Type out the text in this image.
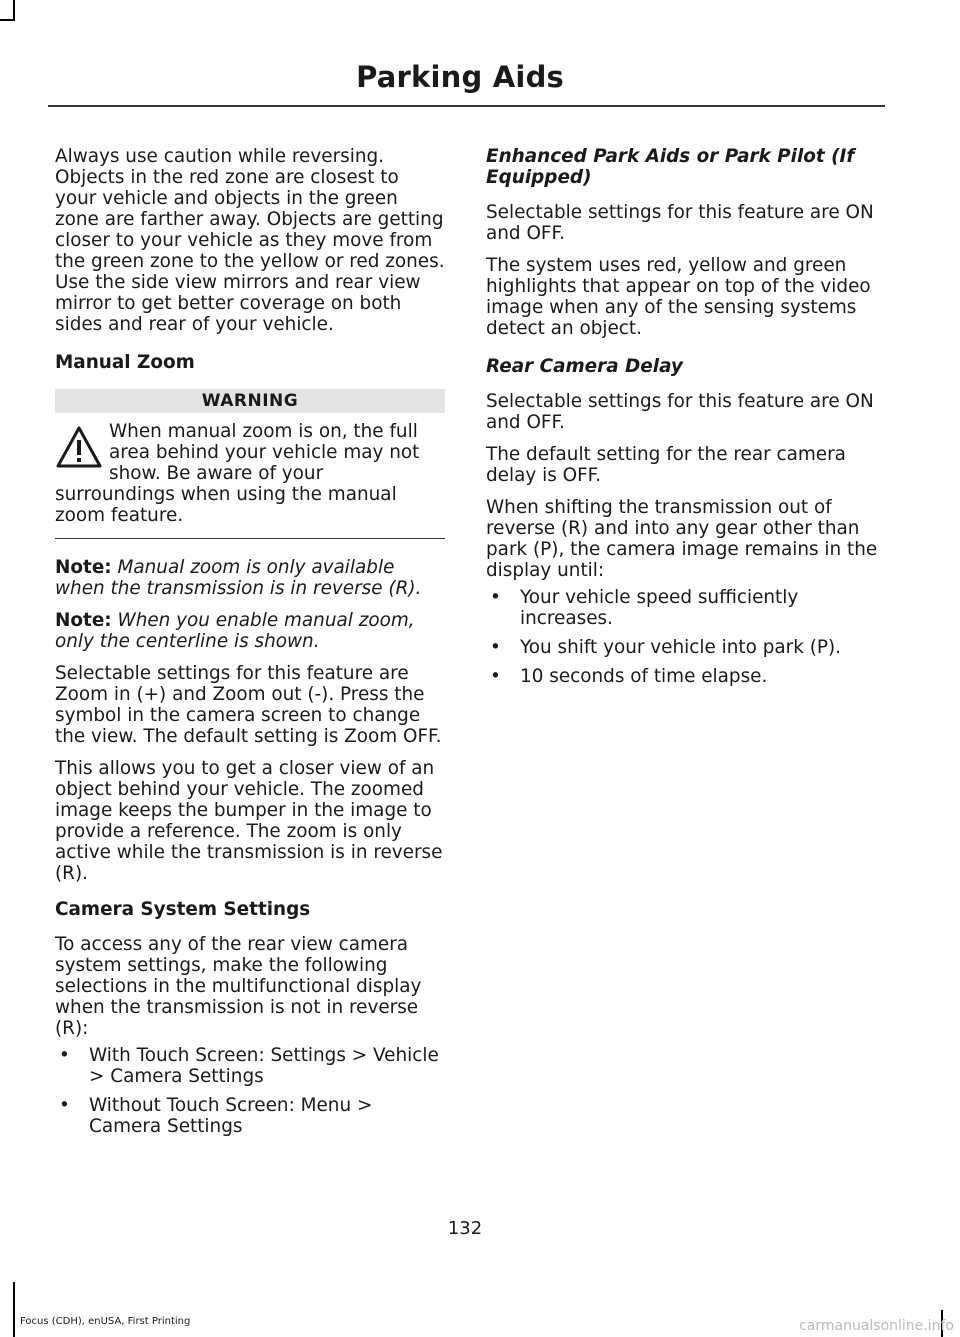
Parking Aids

Always use caution while reversing. Objects in the red zone are closest to your vehicle and objects in the green zone are farther away. Objects are getting closer to your vehicle as they move from the green zone to the yellow or red zones. Use the side view mirrors and rear view mirror to get better coverage on both sides and rear of your vehicle.

Manual Zoom
WARNING
When manual zoom is on, the full area behind your vehicle may not show. Be aware of your surroundings when using the manual zoom feature.

Note: Manual zoom is only available when the transmission is in reverse (R).

Note: When you enable manual zoom, only the centerline is shown.

Selectable settings for this feature are Zoom in (+) and Zoom out (-). Press the symbol in the camera screen to change the view. The default setting is Zoom OFF.

This allows you to get a closer view of an object behind your vehicle. The zoomed image keeps the bumper in the image to provide a reference. The zoom is only active while the transmission is in reverse (R).

Camera System Settings

To access any of the rear view camera system settings, make the following selections in the multifunctional display when the transmission is not in reverse (R):

• With Touch Screen: Settings > Vehicle > Camera Settings
• Without Touch Screen: Menu > Camera Settings
Enhanced Park Aids or Park Pilot (If Equipped)

Selectable settings for this feature are ON and OFF.

The system uses red, yellow and green highlights that appear on top of the video image when any of the sensing systems detect an object.

Rear Camera Delay

Selectable settings for this feature are ON and OFF.

The default setting for the rear camera delay is OFF.

When shifting the transmission out of reverse (R) and into any gear other than park (P), the camera image remains in the display until:

• Your vehicle speed sufficiently increases.
• You shift your vehicle into park (P).
• 10 seconds of time elapse.
132
Focus (CDH), enUSA, First Printing	carmanualsonline.info
